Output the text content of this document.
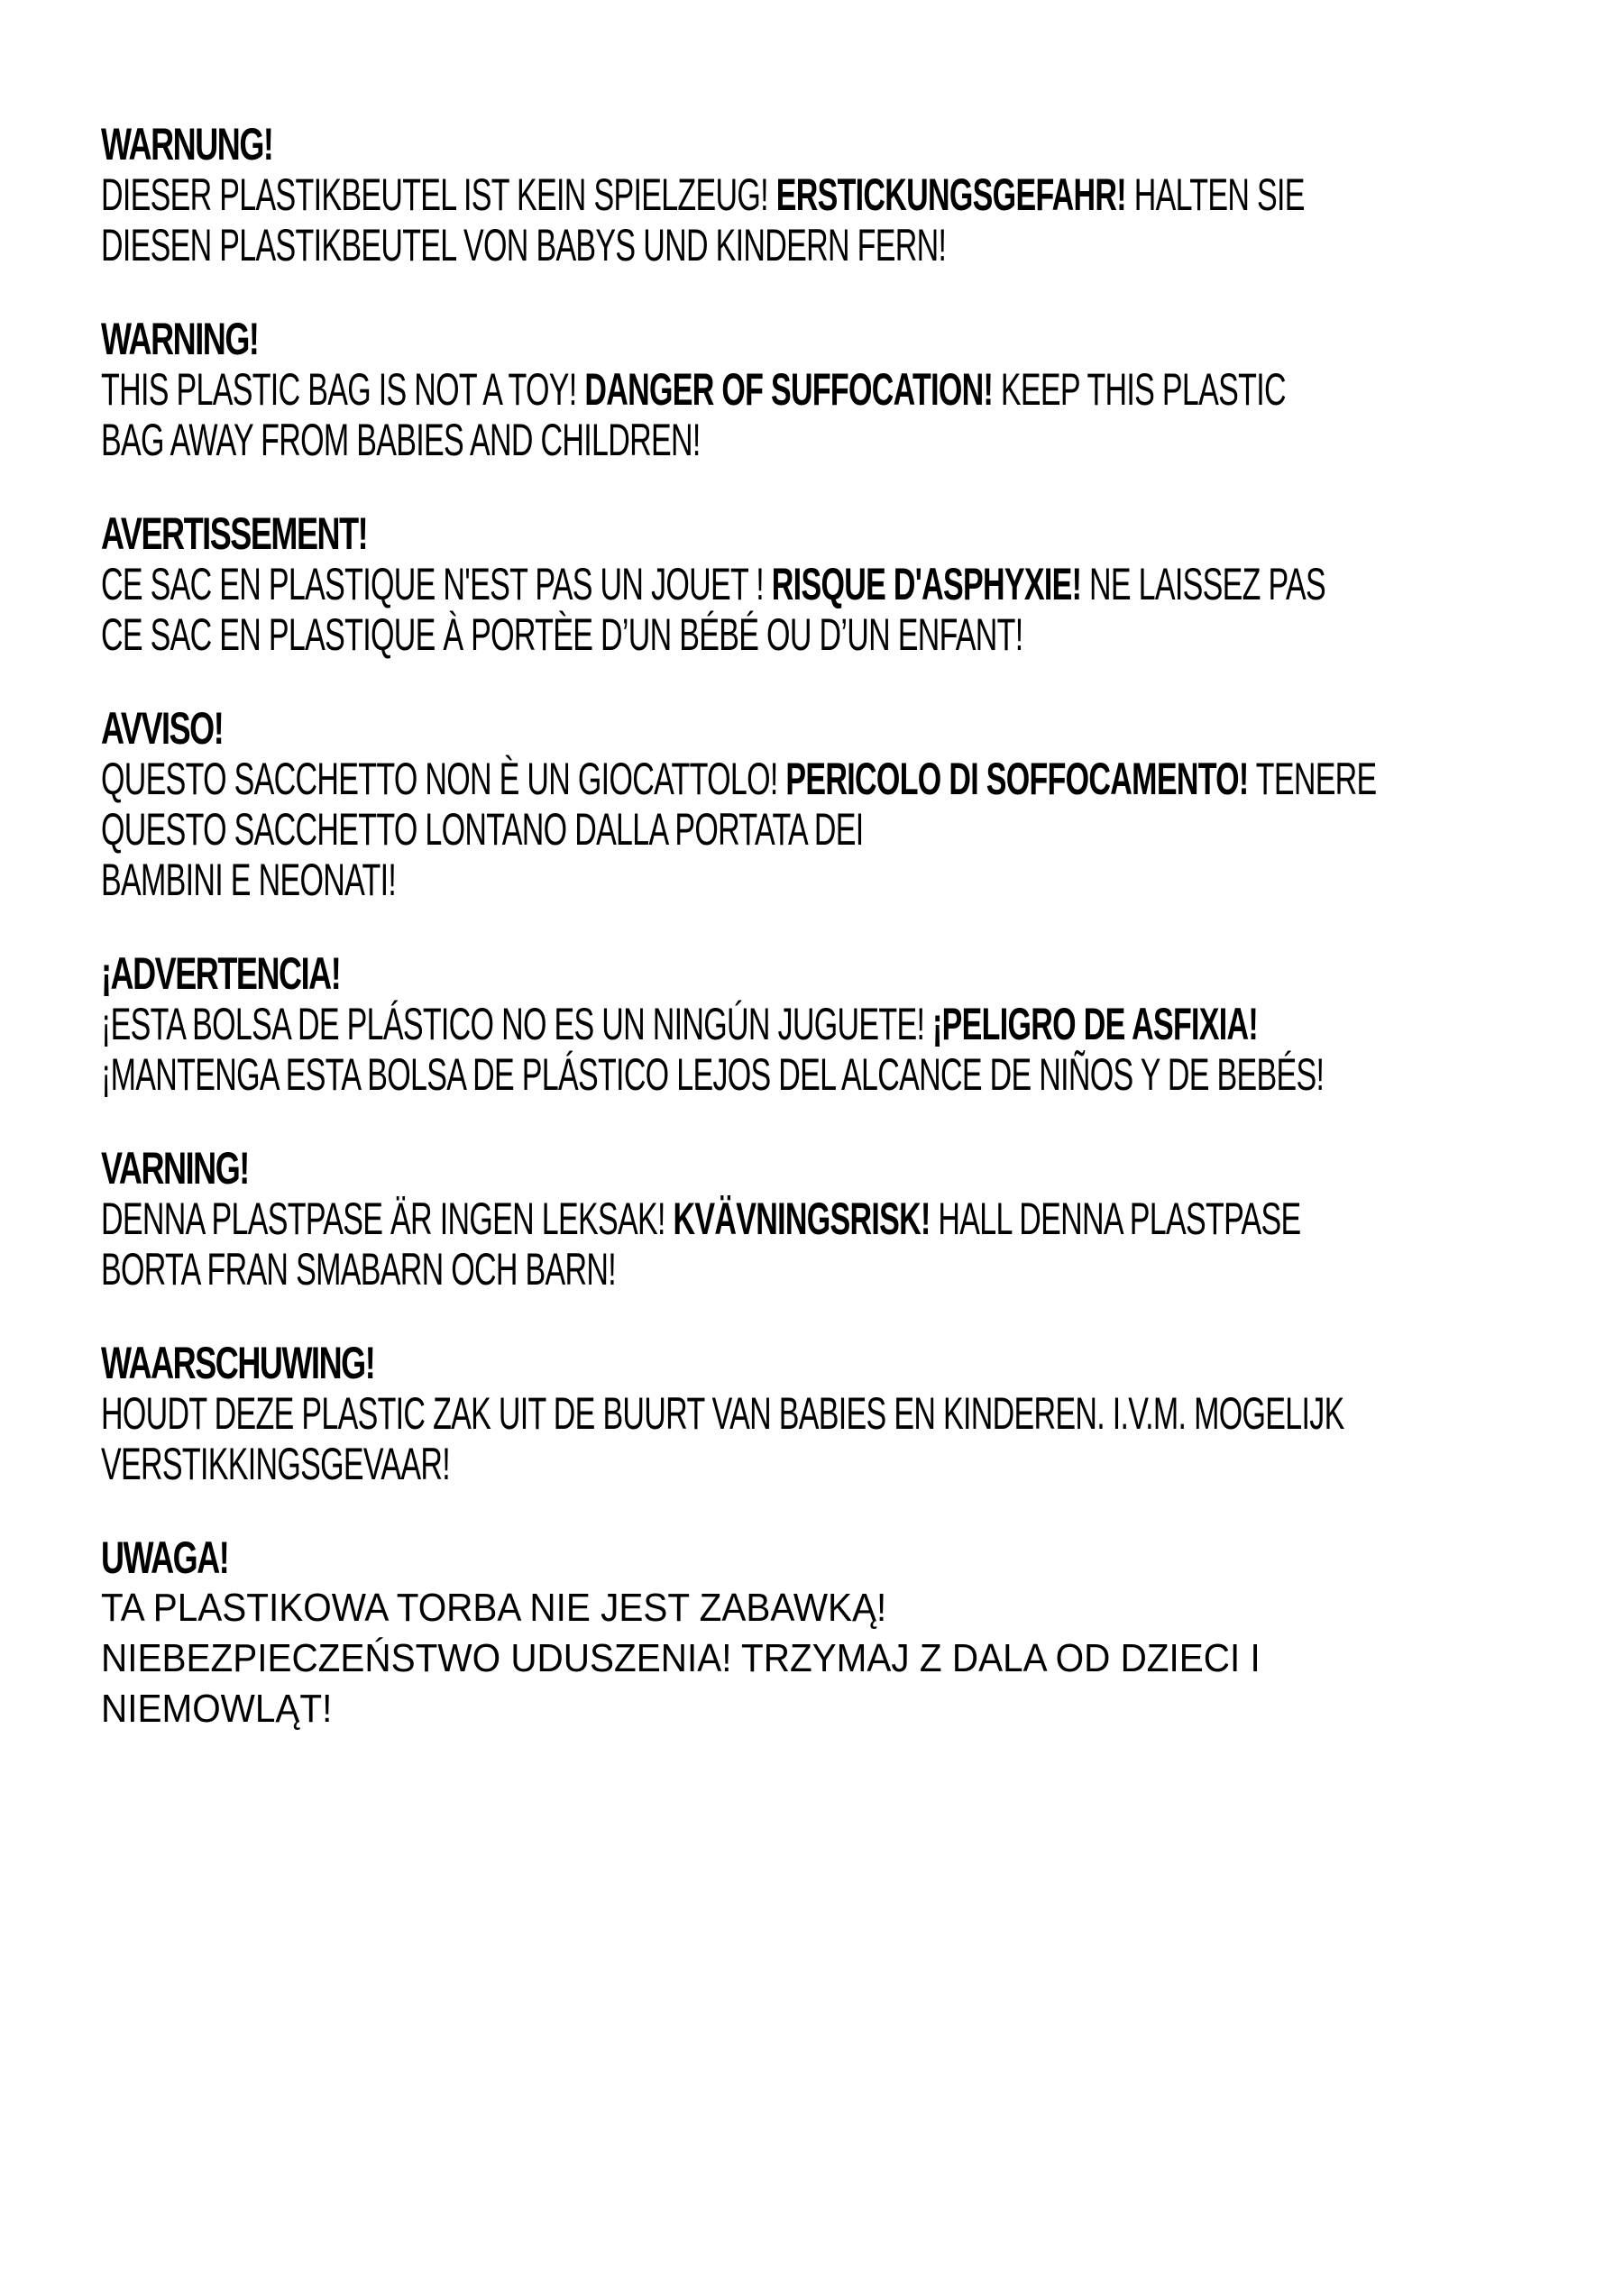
WARNUNG!
DIESER PLASTIKBEUTEL IST KEIN SPIELZEUG! ERSTICKUNGSGEFAHR! HALTEN SIE
DIESEN PLASTIKBEUTEL VON BABYS UND KINDERN FERN!
WARNING!
THIS PLASTIC BAG IS NOT A TOY! DANGER OF SUFFOCATION! KEEP THIS PLASTIC
BAG AWAY FROM BABIES AND CHILDREN!
AVERTISSEMENT!
CE SAC EN PLASTIQUE N'EST PAS UN JOUET ! RISQUE D'ASPHYXIE! NE LAISSEZ PAS
CE SAC EN PLASTIQUE À PORTÈE D’UN BÉBÉ OU D’UN ENFANT!
AVVISO!
QUESTO SACCHETTO NON È UN GIOCATTOLO! PERICOLO DI SOFFOCAMENTO! TENERE
QUESTO SACCHETTO LONTANO DALLA PORTATA DEI
BAMBINI E NEONATI!
¡ADVERTENCIA!
¡ESTA BOLSA DE PLÁSTICO NO ES UN NINGÚN JUGUETE! ¡PELIGRO DE ASFIXIA!
¡MANTENGA ESTA BOLSA DE PLÁSTICO LEJOS DEL ALCANCE DE NIÑOS Y DE BEBÉS!
VARNING!
DENNA PLASTPASE ÄR INGEN LEKSAK! KVÄVNINGSRISK! HALL DENNA PLASTPASE
BORTA FRAN SMABARN OCH BARN!
WAARSCHUWING!
HOUDT DEZE PLASTIC ZAK UIT DE BUURT VAN BABIES EN KINDEREN. I.V.M. MOGELIJK
VERSTIKKINGSGEVAAR!
UWAGA!
TA PLASTIKOWA TORBA NIE JEST ZABAWKĄ!
NIEBEZPIECZEŃSTWO UDUSZENIA! TRZYMAJ Z DALA OD DZIECI I
NIEMOWLĄT!
